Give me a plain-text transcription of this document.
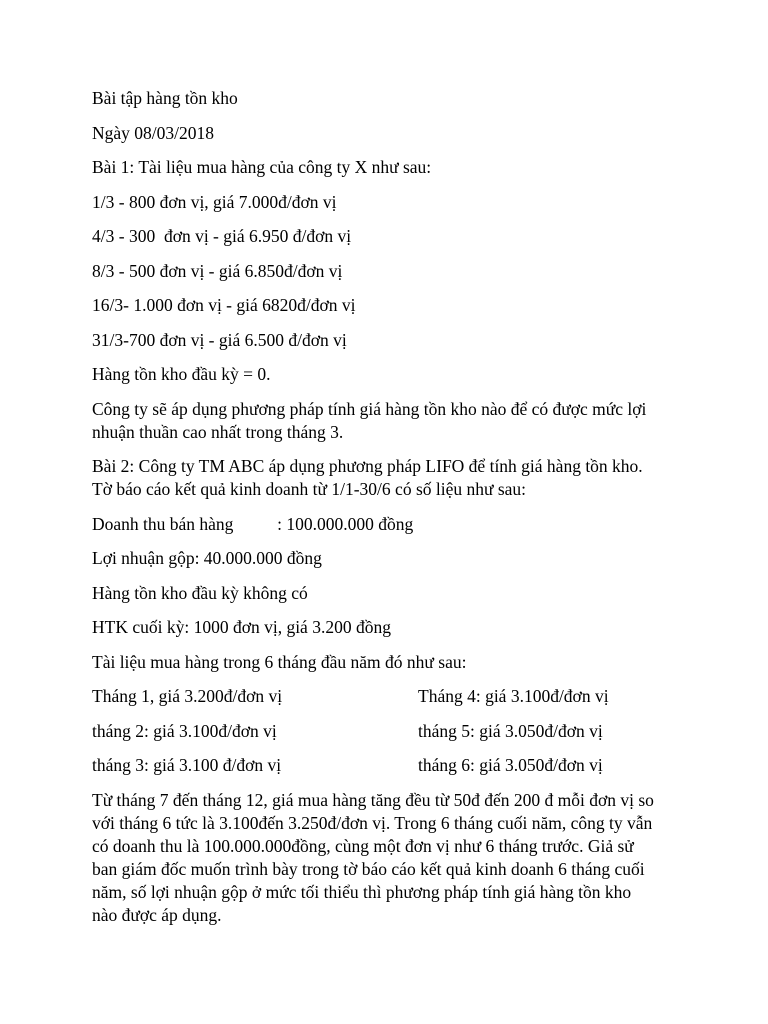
Bài tập hàng tồn kho
Ngày 08/03/2018
Bài 1: Tài liệu mua hàng của công ty X như sau:
1/3 - 800 đơn vị, giá 7.000đ/đơn vị
4/3 - 300  đơn vị - giá 6.950 đ/đơn vị
8/3 - 500 đơn vị - giá 6.850đ/đơn vị
16/3- 1.000 đơn vị - giá 6820đ/đơn vị
31/3-700 đơn vị - giá 6.500 đ/đơn vị
Hàng tồn kho đầu kỳ = 0.
Công ty sẽ áp dụng phương pháp tính giá hàng tồn kho nào để có được mức lợi
nhuận thuần cao nhất trong tháng 3.
Bài 2: Công ty TM ABC áp dụng phương pháp LIFO để tính giá hàng tồn kho.
Tờ báo cáo kết quả kinh doanh từ 1/1-30/6 có số liệu như sau:
Doanh thu bán hàng          : 100.000.000 đồng
Lợi nhuận gộp: 40.000.000 đồng
Hàng tồn kho đầu kỳ không có
HTK cuối kỳ: 1000 đơn vị, giá 3.200 đồng
Tài liệu mua hàng trong 6 tháng đầu năm đó như sau:
Tháng 1, giá 3.200đ/đơn vị	Tháng 4: giá 3.100đ/đơn vị
tháng 2: giá 3.100đ/đơn vị	tháng 5: giá 3.050đ/đơn vị
tháng 3: giá 3.100 đ/đơn vị	tháng 6: giá 3.050đ/đơn vị
Từ tháng 7 đến tháng 12, giá mua hàng tăng đều từ 50đ đến 200 đ mỗi đơn vị so
với tháng 6 tức là 3.100đến 3.250đ/đơn vị. Trong 6 tháng cuối năm, công ty vẫn
có doanh thu là 100.000.000đồng, cùng một đơn vị như 6 tháng trước. Giả sử
ban giám đốc muốn trình bày trong tờ báo cáo kết quả kinh doanh 6 tháng cuối
năm, số lợi nhuận gộp ở mức tối thiểu thì phương pháp tính giá hàng tồn kho
nào được áp dụng.
